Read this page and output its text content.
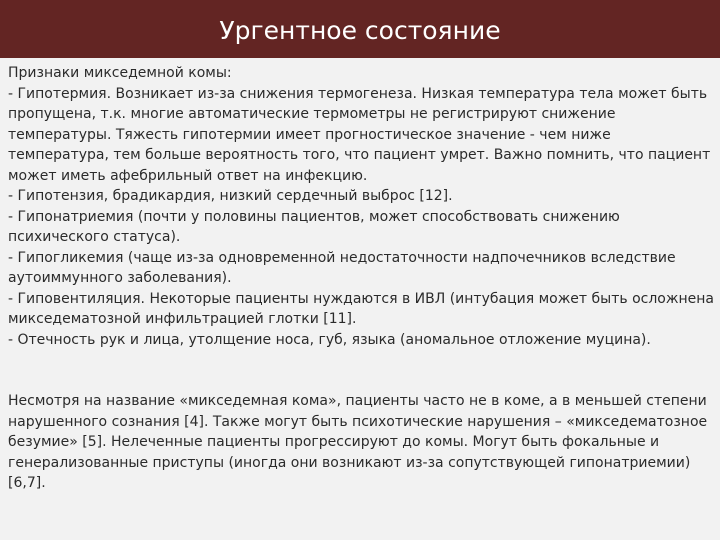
Ургентное состояние

Признаки микседемной комы:

- Гипотермия. Возникает из-за снижения термогенеза. Низкая температура тела может быть пропущена, т.к. многие автоматические термометры не регистрируют снижение температуры. Тяжесть гипотермии имеет прогностическое значение - чем ниже температура, тем больше вероятность того, что пациент умрет. Важно помнить, что пациент может иметь афебрильный ответ на инфекцию.

- Гипотензия, брадикардия, низкий сердечный выброс [12].

- Гипонатриемия (почти у половины пациентов, может способствовать снижению психического статуса).

- Гипогликемия (чаще из-за одновременной недостаточности надпочечников вследствие аутоиммунного заболевания).

- Гиповентиляция. Некоторые пациенты нуждаются в ИВЛ (интубация может быть осложнена микседематозной инфильтрацией глотки [11].

- Отечность рук и лица, утолщение носа, губ, языка (аномальное отложение муцина).

Несмотря на название «микседемная кома», пациенты часто не в коме, а в меньшей степени нарушенного сознания [4]. Также могут быть психотические нарушения – «микседематозное безумие» [5]. Нелеченные пациенты прогрессируют до комы. Могут быть фокальные и генерализованные приступы (иногда они возникают из-за сопутствующей гипонатриемии) [6,7].
